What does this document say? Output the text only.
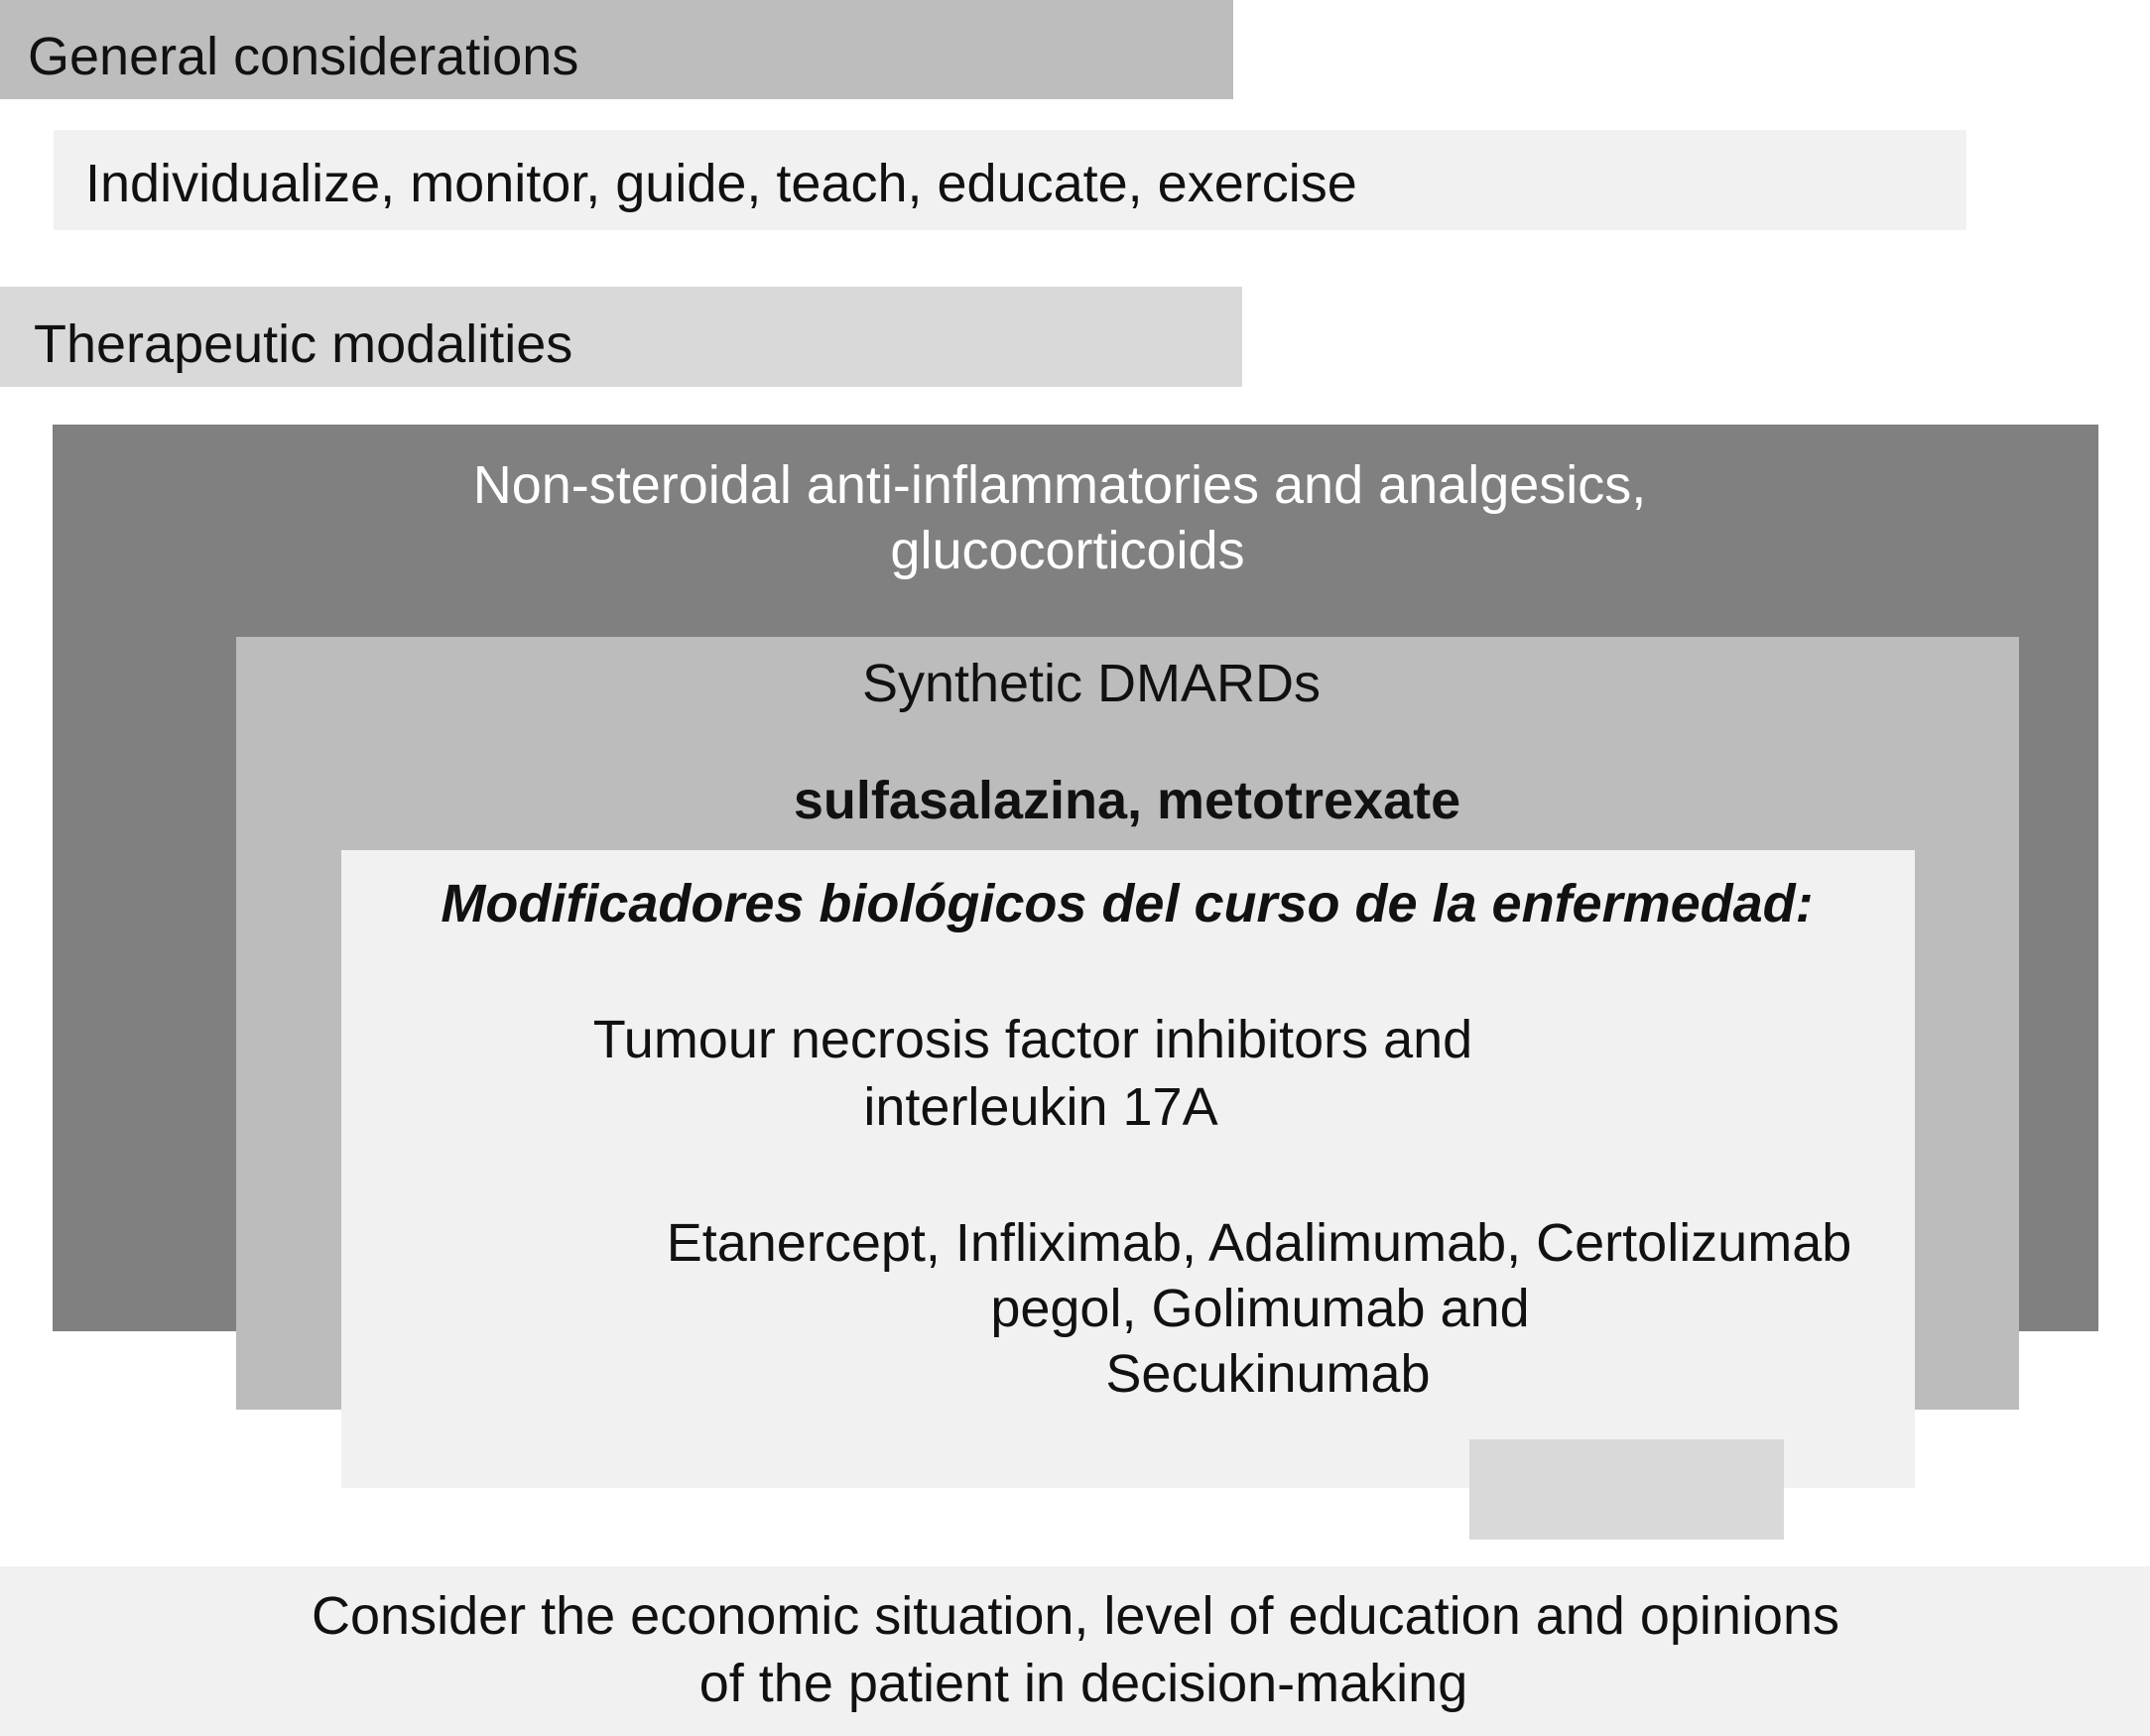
General considerations
Individualize, monitor, guide, teach, educate, exercise
Therapeutic modalities
Non-steroidal anti-inflammatories and analgesics,
glucocorticoids
Synthetic DMARDs
sulfasalazina, metotrexate
Modificadores biológicos del curso de la enfermedad:
Tumour necrosis factor inhibitors and
interleukin 17A
Etanercept, Infliximab, Adalimumab, Certolizumab
pegol, Golimumab and
Secukinumab
Consider the economic situation, level of education and opinions
of the patient in decision-making
